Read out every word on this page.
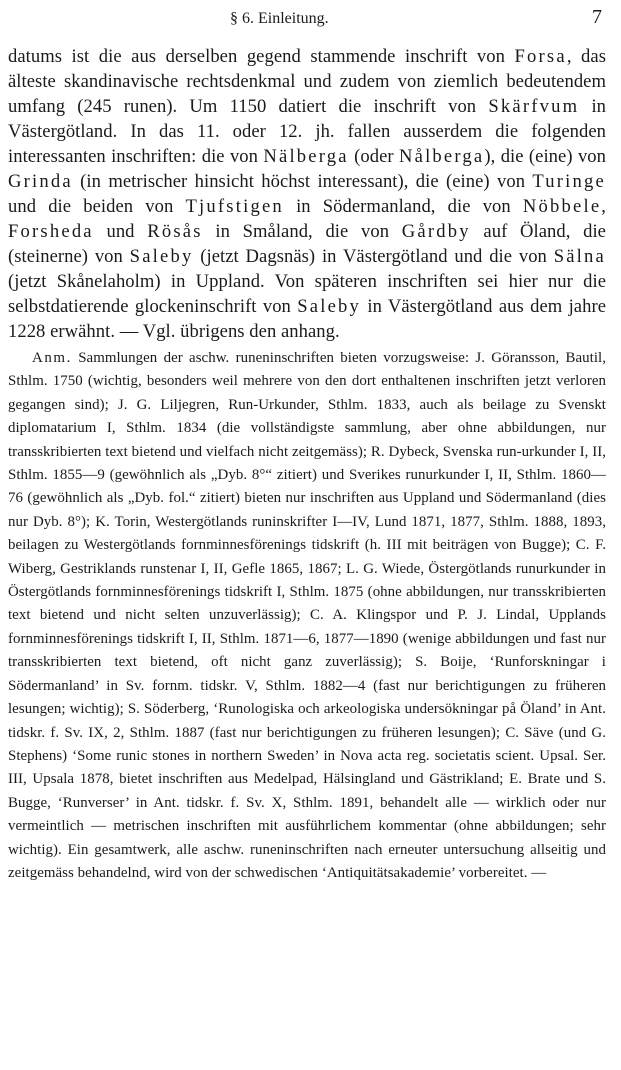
§ 6. Einleitung.	7

datums ist die aus derselben gegend stammende inschrift von Forsa, das älteste skandinavische rechtsdenkmal und zudem von ziemlich bedeutendem umfang (245 runen). Um 1150 datiert die inschrift von Skärfvum in Västergötland. In das 11. oder 12. jh. fallen ausserdem die folgenden interessanten inschriften: die von Nälberga (oder Nålberga), die (eine) von Grinda (in metrischer hinsicht höchst interessant), die (eine) von Turinge und die beiden von Tjufstigen in Södermanland, die von Nöbbele, Forsheda und Rösås in Småland, die von Gårdby auf Öland, die (steinerne) von Saleby (jetzt Dagsnäs) in Västergötland und die von Sälna (jetzt Skånelaholm) in Uppland. Von späteren inschriften sei hier nur die selbstdatierende glockeninschrift von Saleby in Västergötland aus dem jahre 1228 erwähnt. — Vgl. übrigens den anhang.

Anm. Sammlungen der aschw. runeninschriften bieten vorzugsweise: J. Göransson, Bautil, Sthlm. 1750 (wichtig, besonders weil mehrere von den dort enthaltenen inschriften jetzt verloren gegangen sind); J. G. Liljegren, Run-Urkunder, Sthlm. 1833, auch als beilage zu Svenskt diplomatarium I, Sthlm. 1834 (die vollständigste sammlung, aber ohne abbildungen, nur transskribierten text bietend und vielfach nicht zeitgemäss); R. Dybeck, Svenska run-urkunder I, II, Sthlm. 1855—9 (gewöhnlich als „Dyb. 8°“ zitiert) und Sverikes runurkunder I, II, Sthlm. 1860—76 (gewöhnlich als „Dyb. fol.“ zitiert) bieten nur inschriften aus Uppland und Södermanland (dies nur Dyb. 8°); K. Torin, Westergötlands runinskrifter I—IV, Lund 1871, 1877, Sthlm. 1888, 1893, beilagen zu Westergötlands fornminnesförenings tidskrift (h. III mit beiträgen von Bugge); C. F. Wiberg, Gestriklands runstenar I, II, Gefle 1865, 1867; L. G. Wiede, Östergötlands runurkunder in Östergötlands fornminnesförenings tidskrift I, Sthlm. 1875 (ohne abbildungen, nur transskribierten text bietend und nicht selten unzuverlässig); C. A. Klingspor und P. J. Lindal, Upplands fornminnesförenings tidskrift I, II, Sthlm. 1871—6, 1877—1890 (wenige abbildungen und fast nur transskribierten text bietend, oft nicht ganz zuverlässig); S. Boije, ‘Runforskningar i Södermanland’ in Sv. fornm. tidskr. V, Sthlm. 1882—4 (fast nur berichtigungen zu früheren lesungen; wichtig); S. Söderberg, ‘Runologiska och arkeologiska undersökningar på Öland’ in Ant. tidskr. f. Sv. IX, 2, Sthlm. 1887 (fast nur berichtigungen zu früheren lesungen); C. Säve (und G. Stephens) ‘Some runic stones in northern Sweden’ in Nova acta reg. societatis scient. Upsal. Ser. III, Upsala 1878, bietet inschriften aus Medelpad, Hälsingland und Gästrikland; E. Brate und S. Bugge, ‘Runverser’ in Ant. tidskr. f. Sv. X, Sthlm. 1891, behandelt alle — wirklich oder nur vermeintlich — metrischen inschriften mit ausführlichem kommentar (ohne abbildungen; sehr wichtig). Ein gesamtwerk, alle aschw. runeninschriften nach erneuter untersuchung allseitig und zeitgemäss behandelnd, wird von der schwedischen ‘Antiquitätsakademie’ vorbereitet. —
